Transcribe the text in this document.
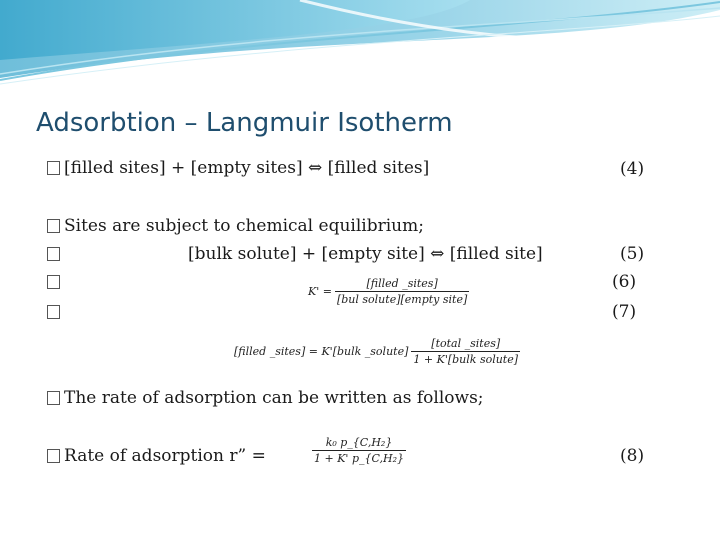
Adsorbtion – Langmuir Isotherm
[filled sites] + [empty sites] ⇔ [filled sites]	(4)
Sites are subject to chemical equilibrium;
[bulk solute] + [empty site] ⇔ [filled site]	(5)
$K' = \frac{\text{[filled \_sites]}}{\text{[bul solute][empty site]}}$	(6)
(7)
[filled _sites] = K'[bulk _solute] $\frac{\text{[total \_sites]}}{\text{1 + K'[bulk solute]}}$
The rate of adsorption can be written as follows;
Rate of adsorption r” =	$\frac{\text{k₀ p\_\{C,H₂\}}}{\text{1 + K' p\_\{C,H₂\}}}$	(8)
